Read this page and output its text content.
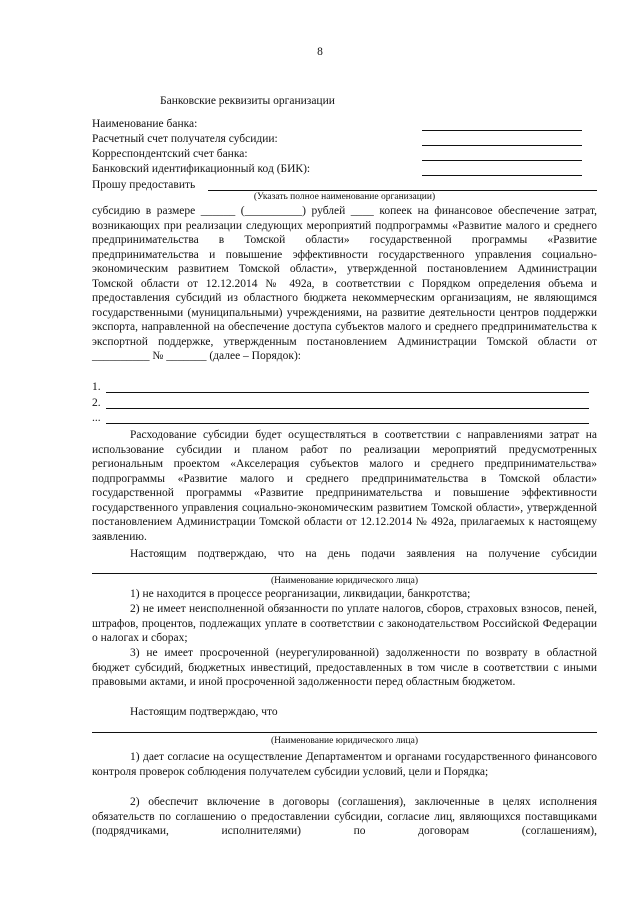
8
Банковские реквизиты организации
Наименование банка:
Расчетный счет получателя субсидии:
Корреспондентский счет банка:
Банковский идентификационный код (БИК):
Прошу предоставить
(Указать полное наименование организации)
субсидию в размере ______ (__________) рублей ____ копеек на финансовое обеспечение затрат, возникающих при реализации следующих мероприятий подпрограммы «Развитие малого и среднего предпринимательства в Томской области» государственной программы «Развитие предпринимательства и повышение эффективности государственного управления социально-экономическим развитием Томской области», утвержденной постановлением Администрации Томской области от 12.12.2014 № 492а, в соответствии с Порядком определения объема и предоставления субсидий из областного бюджета некоммерческим организациям, не являющимся государственными (муниципальными) учреждениями, на развитие деятельности центров поддержки экспорта, направленной на обеспечение доступа субъектов малого и среднего предпринимательства к экспортной поддержке, утвержденным постановлением Администрации Томской области от __________ № _______ (далее – Порядок):
1.
2.
...
Расходование субсидии будет осуществляться в соответствии с направлениями затрат на использование субсидии и планом работ по реализации мероприятий предусмотренных региональным проектом «Акселерация субъектов малого и среднего предпринимательства» подпрограммы «Развитие малого и среднего предпринимательства в Томской области» государственной программы «Развитие предпринимательства и повышение эффективности государственного управления социально-экономическим развитием Томской области», утвержденной постановлением Администрации Томской области от 12.12.2014 № 492а, прилагаемых к настоящему заявлению.
Настоящим подтверждаю, что на день подачи заявления на получение субсидии
(Наименование юридического лица)
1) не находится в процессе реорганизации, ликвидации, банкротства;
2) не имеет неисполненной обязанности по уплате налогов, сборов, страховых взносов, пеней, штрафов, процентов, подлежащих уплате в соответствии с законодательством Российской Федерации о налогах и сборах;
3) не имеет просроченной (неурегулированной) задолженности по возврату в областной бюджет субсидий, бюджетных инвестиций, предоставленных в том числе в соответствии с иными правовыми актами, и иной просроченной задолженности перед областным бюджетом.
Настоящим подтверждаю, что
(Наименование юридического лица)
1) дает согласие на осуществление Департаментом и органами государственного финансового контроля проверок соблюдения получателем субсидии условий, цели и Порядка;
2) обеспечит включение в договоры (соглашения), заключенные в целях исполнения обязательств по соглашению о предоставлении субсидии, согласие лиц, являющихся поставщиками (подрядчиками, исполнителями) по договорам (соглашениям),
